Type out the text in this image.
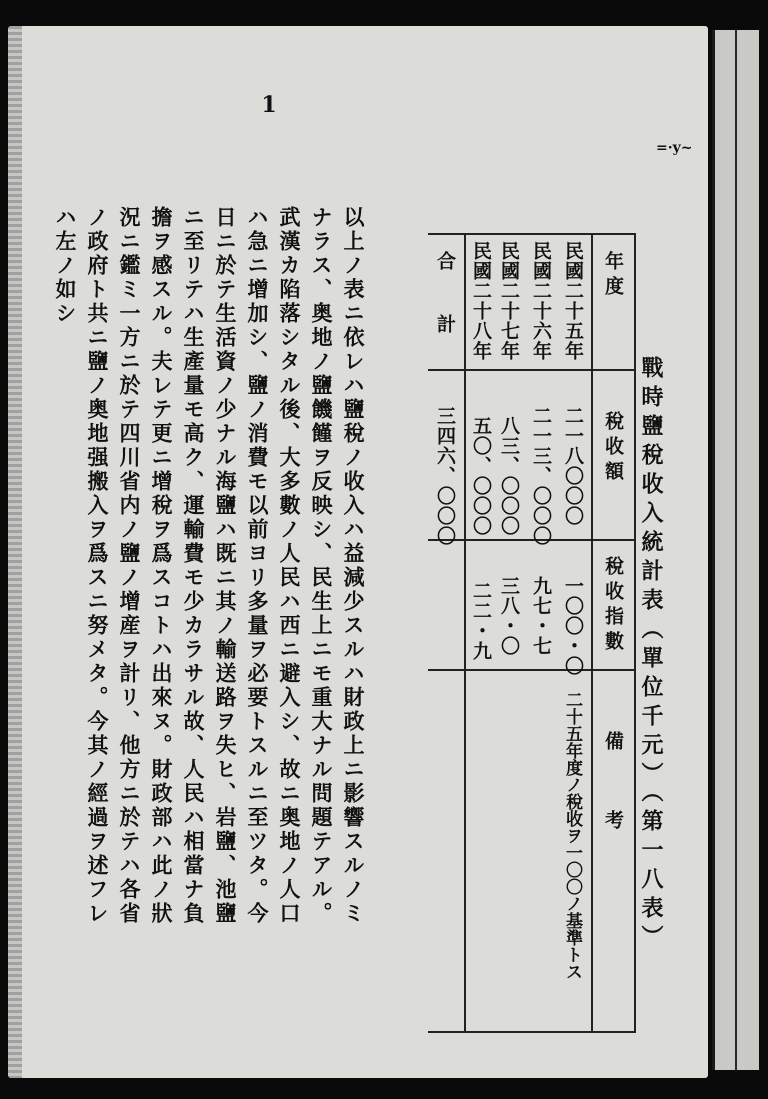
=·y~
1
戰時鹽稅收入統計表（單位千元）（第一八表）
年度
稅收額
稅收指數
備考
民國二十五年
二一八〇〇〇
一〇〇・〇
二十五年度ノ稅收ヲ一〇〇ノ基準トス
民國二十六年
二一三、〇〇〇
九七・七
民國二十七年
八三、〇〇〇
三八・〇
民國二十八年
五〇、〇〇〇
二二・九
合　　計
三四六、〇〇〇
以上ノ表ニ依レハ鹽稅ノ收入ハ益減少スルハ財政上ニ影響スルノミ
ナラス、奥地ノ鹽饑饉ヲ反映シ、民生上ニモ重大ナル問題テアル。
武漢カ陷落シタル後、大多數ノ人民ハ西ニ避入シ、故ニ奥地ノ人口
ハ急ニ增加シ、鹽ノ消費モ以前ヨリ多量ヲ必要トスルニ至ツタ。今
日ニ於テ生活資ノ少ナル海鹽ハ既ニ其ノ輸送路ヲ失ヒ、岩鹽、池鹽
ニ至リテハ生產量モ高ク、運輸費モ少カラサル故、人民ハ相當ナ負
擔ヲ感スル。夫レテ更ニ增稅ヲ爲スコトハ出來ヌ。財政部ハ此ノ狀
況ニ鑑ミ一方ニ於テ四川省内ノ鹽ノ增産ヲ計リ、他方ニ於テハ各省
ノ政府ト共ニ鹽ノ奥地强搬入ヲ爲スニ努メタ。今其ノ經過ヲ述フレ
ハ左ノ如シ
